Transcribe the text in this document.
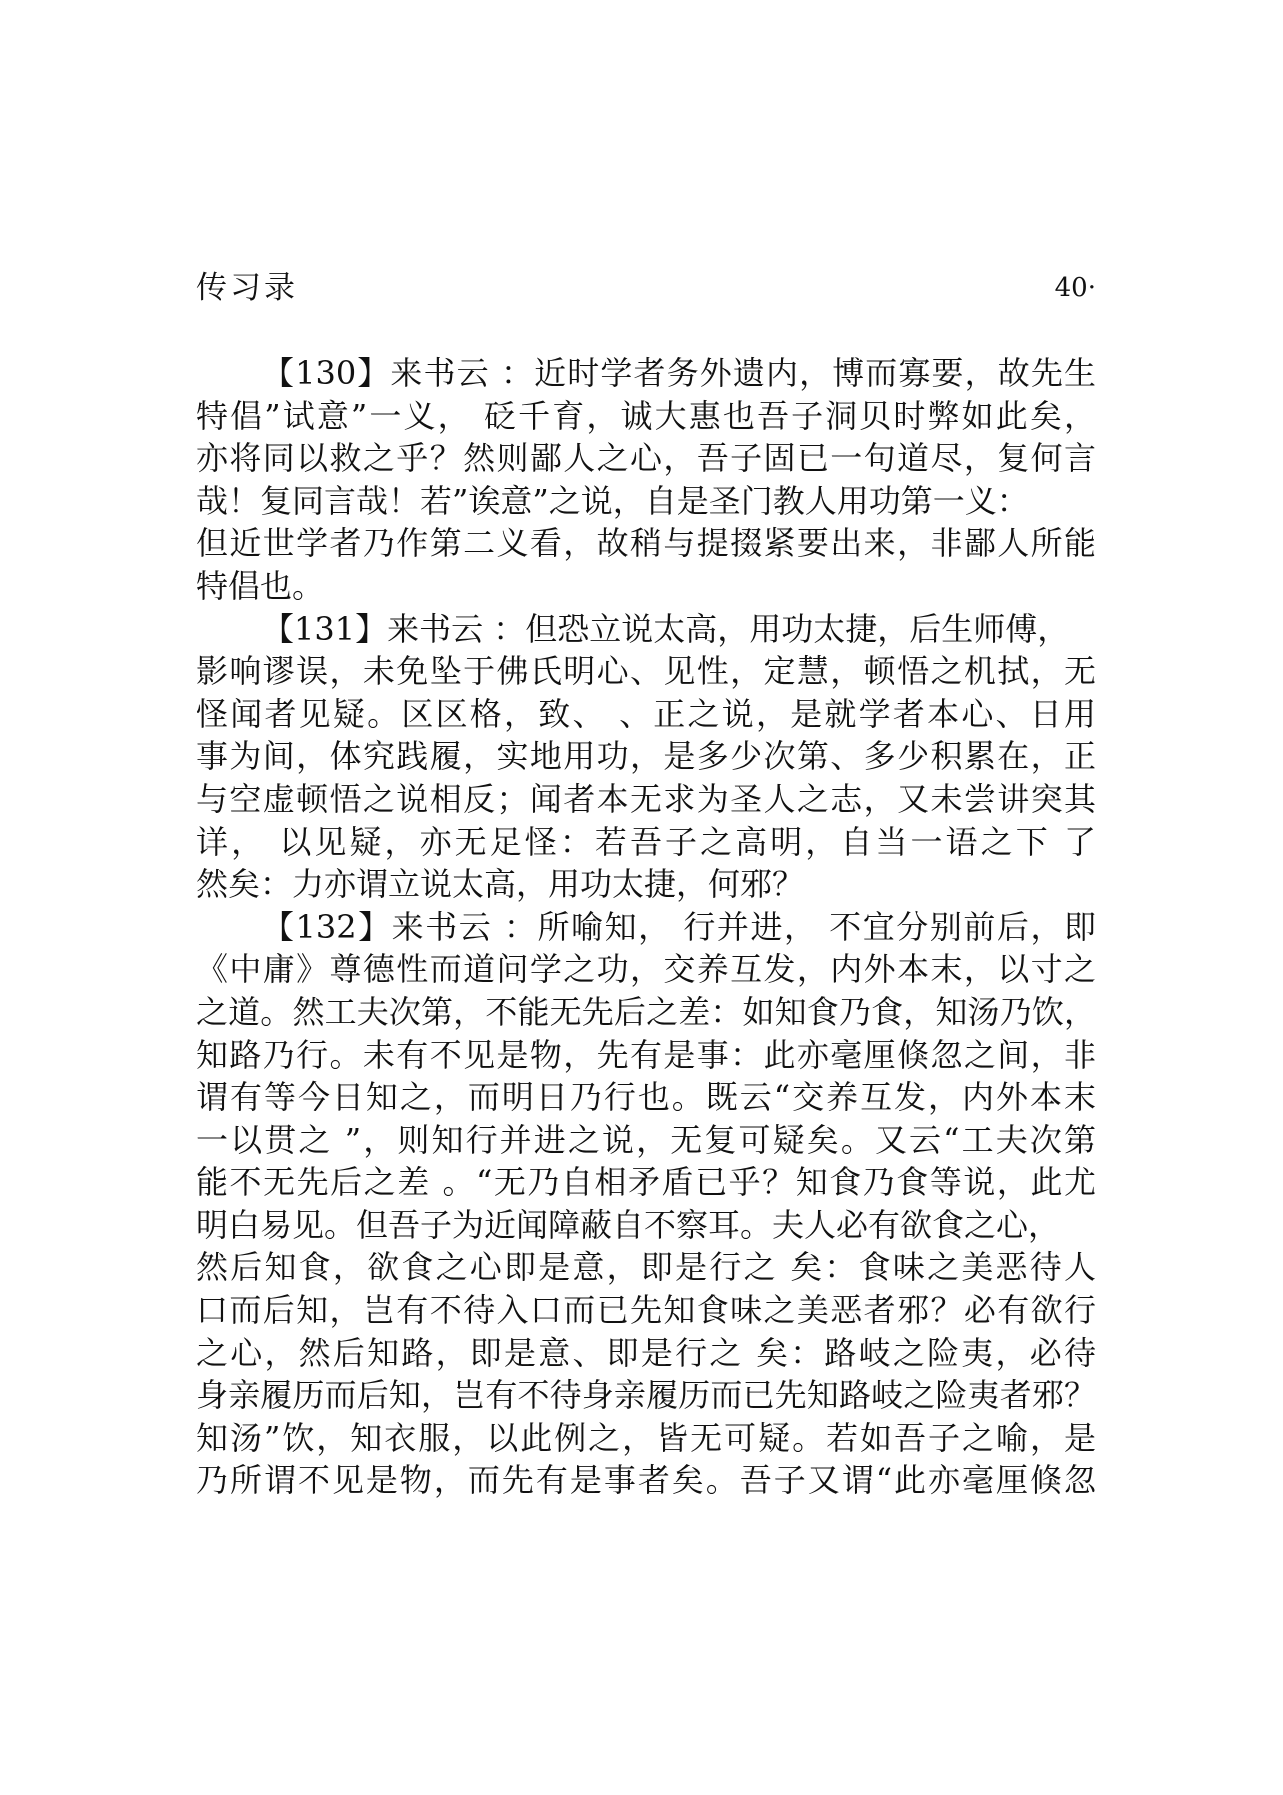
传习录	40·

【130】来书云 ：近时学者务外遗内，博而寡要，故先生
特倡”试意”一义， 砭千育，诚大惠也吾子洞贝时弊如此矣，
亦将同以救之乎？然则鄙人之心，吾子固已一句道尽，复何言
哉！复同言哉！若”诶意”之说，自是圣门教人用功第一义：
但近世学者乃作第二义看，故稍与提掇紧要出来，非鄙人所能
特倡也。

【131】来书云 ：但恐立说太高，用功太捷，后生师傅，
影响谬误，未免坠于佛氏明心、见性，定慧，顿悟之机拭，无
怪闻者见疑。区区格，致、 、正之说，是就学者本心、日用
事为间，体究践履，实地用功，是多少次第、多少积累在，正
与空虚顿悟之说相反；闻者本无求为圣人之志，又未尝讲突其
详， 以见疑，亦无足怪：若吾子之高明，自当一语之下 了
然矣：力亦谓立说太高，用功太捷，何邪？

【132】来书云 ：所喻知， 行并进， 不宜分别前后，即
《中庸》尊德性而道问学之功，交养互发，内外本末，以寸之
之道。然工夫次第，不能无先后之差：如知食乃食，知汤乃饮，
知路乃行。未有不见是物，先有是事：此亦毫厘倏忽之间，非
谓有等今日知之，而明日乃行也。既云“交养互发，内外本末
一以贯之 ”，则知行并进之说，无复可疑矣。又云“工夫次第
能不无先后之差 。“无乃自相矛盾已乎？知食乃食等说，此尤
明白易见。但吾子为近闻障蔽自不察耳。夫人必有欲食之心，
然后知食，欲食之心即是意，即是行之 矣：食味之美恶待人
口而后知，岂有不待入口而已先知食味之美恶者邪？必有欲行
之心，然后知路，即是意、即是行之 矣：路岐之险夷，必待
身亲履历而后知，岂有不待身亲履历而已先知路岐之险夷者邪？
知汤”饮，知衣服，以此例之，皆无可疑。若如吾子之喻，是
乃所谓不见是物，而先有是事者矣。吾子又谓“此亦毫厘倏忽
